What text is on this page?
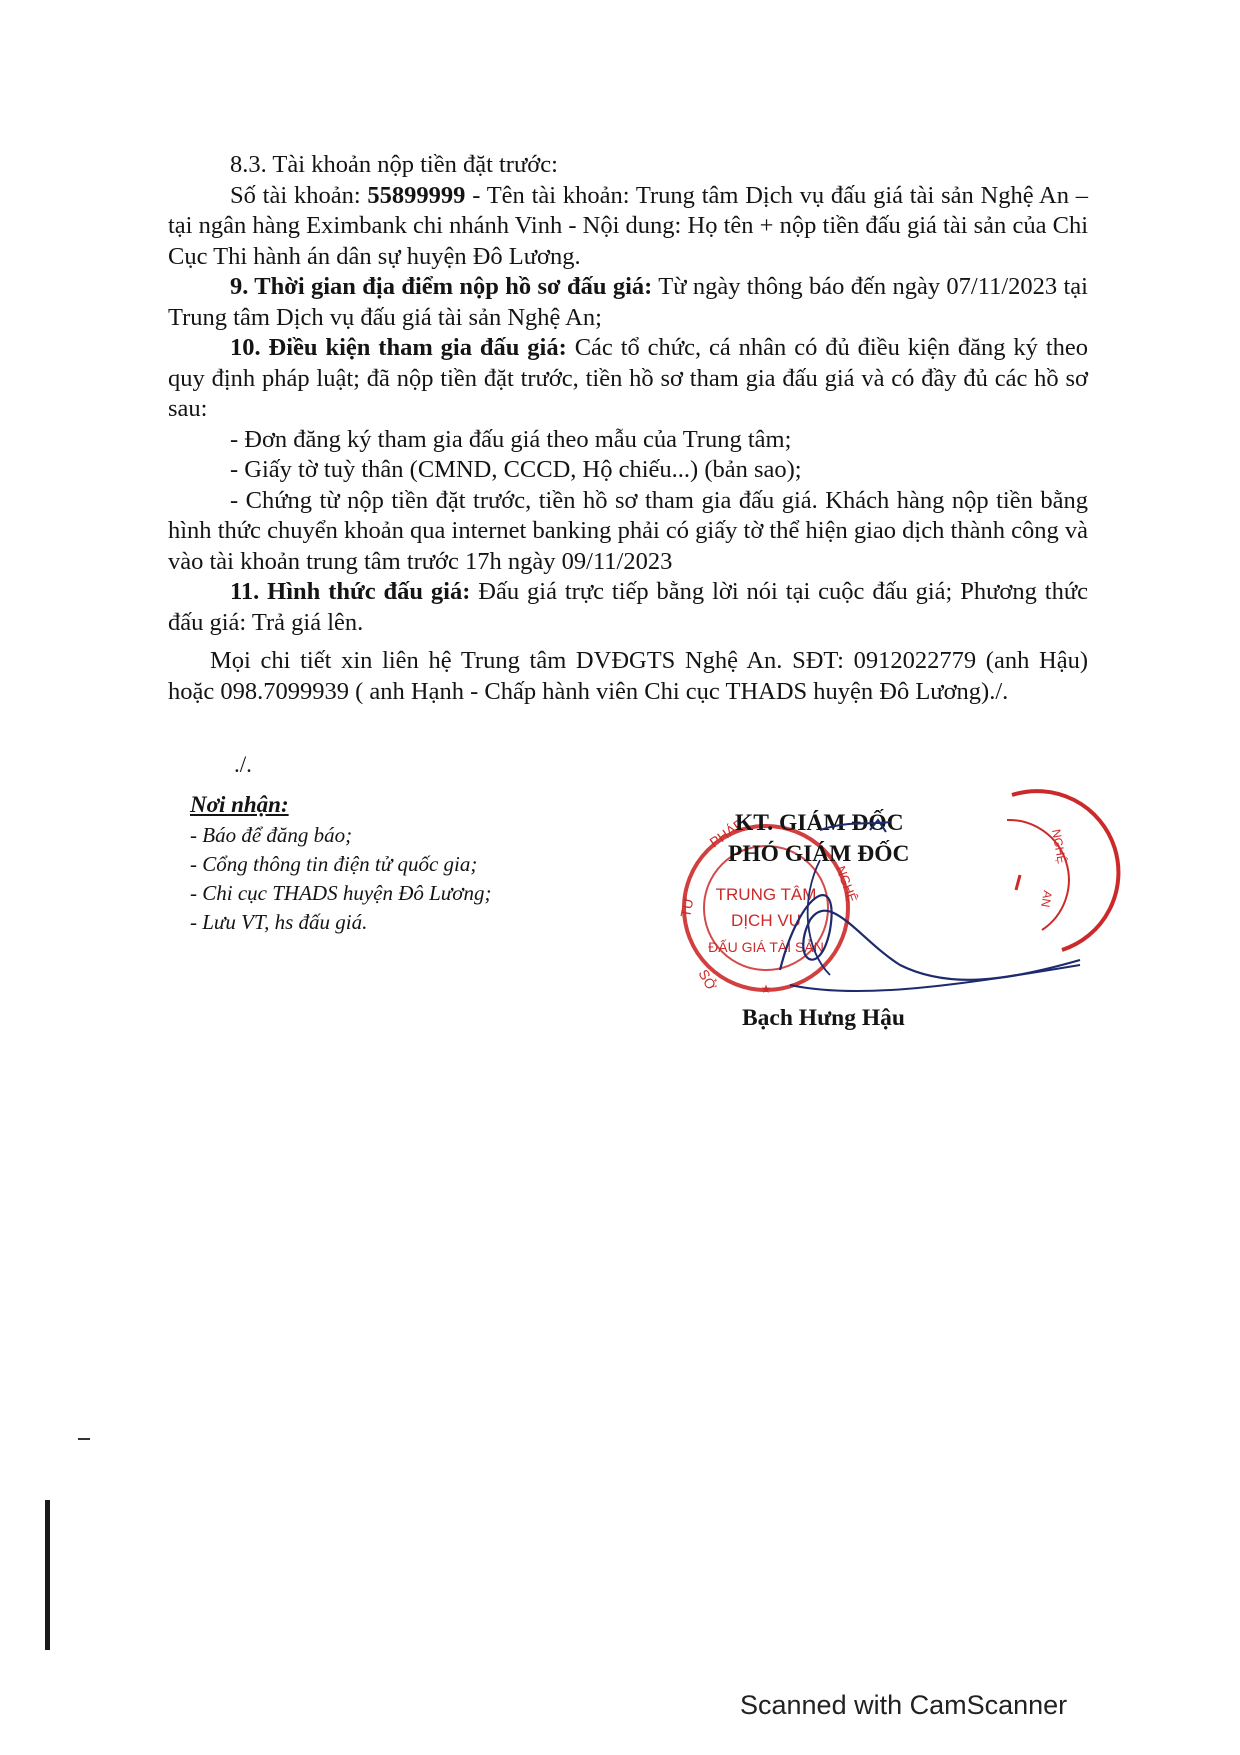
8.3. Tài khoản nộp tiền đặt trước:

Số tài khoản: 55899999 - Tên tài khoản: Trung tâm Dịch vụ đấu giá tài sản Nghệ An – tại ngân hàng Eximbank chi nhánh Vinh - Nội dung: Họ tên + nộp tiền đấu giá tài sản của Chi Cục Thi hành án dân sự huyện Đô Lương.

9. Thời gian địa điểm nộp hồ sơ đấu giá: Từ ngày thông báo đến ngày 07/11/2023 tại Trung tâm Dịch vụ đấu giá tài sản Nghệ An;

10. Điều kiện tham gia đấu giá: Các tổ chức, cá nhân có đủ điều kiện đăng ký theo quy định pháp luật; đã nộp tiền đặt trước, tiền hồ sơ tham gia đấu giá và có đầy đủ các hồ sơ sau:

- Đơn đăng ký tham gia đấu giá theo mẫu của Trung tâm;

- Giấy tờ tuỳ thân (CMND, CCCD, Hộ chiếu...) (bản sao);

- Chứng từ nộp tiền đặt trước, tiền hồ sơ tham gia đấu giá. Khách hàng nộp tiền bằng hình thức chuyển khoản qua internet banking phải có giấy tờ thể hiện giao dịch thành công và vào tài khoản trung tâm trước 17h ngày 09/11/2023

11. Hình thức đấu giá: Đấu giá trực tiếp bằng lời nói tại cuộc đấu giá; Phương thức đấu giá: Trả giá lên.

Mọi chi tiết xin liên hệ Trung tâm DVĐGTS Nghệ An. SĐT: 0912022779 (anh Hậu) hoặc 098.7099939 ( anh Hạnh - Chấp hành viên Chi cục THADS huyện Đô Lương)./.

./.
Nơi nhận:
- Báo để đăng báo;
- Cổng thông tin điện tử quốc gia;
- Chi cục THADS huyện Đô Lương;
- Lưu VT, hs đấu giá.
PHÁP
TƯ
SỞ
NGHỆ
TRUNG TÂM
DỊCH VỤ
ĐẤU GIÁ TÀI SẢN
★
NGHỆ
AN
KT. GIÁM ĐỐC
PHÓ GIÁM ĐỐC
Bạch Hưng Hậu
Scanned with CamScanner
